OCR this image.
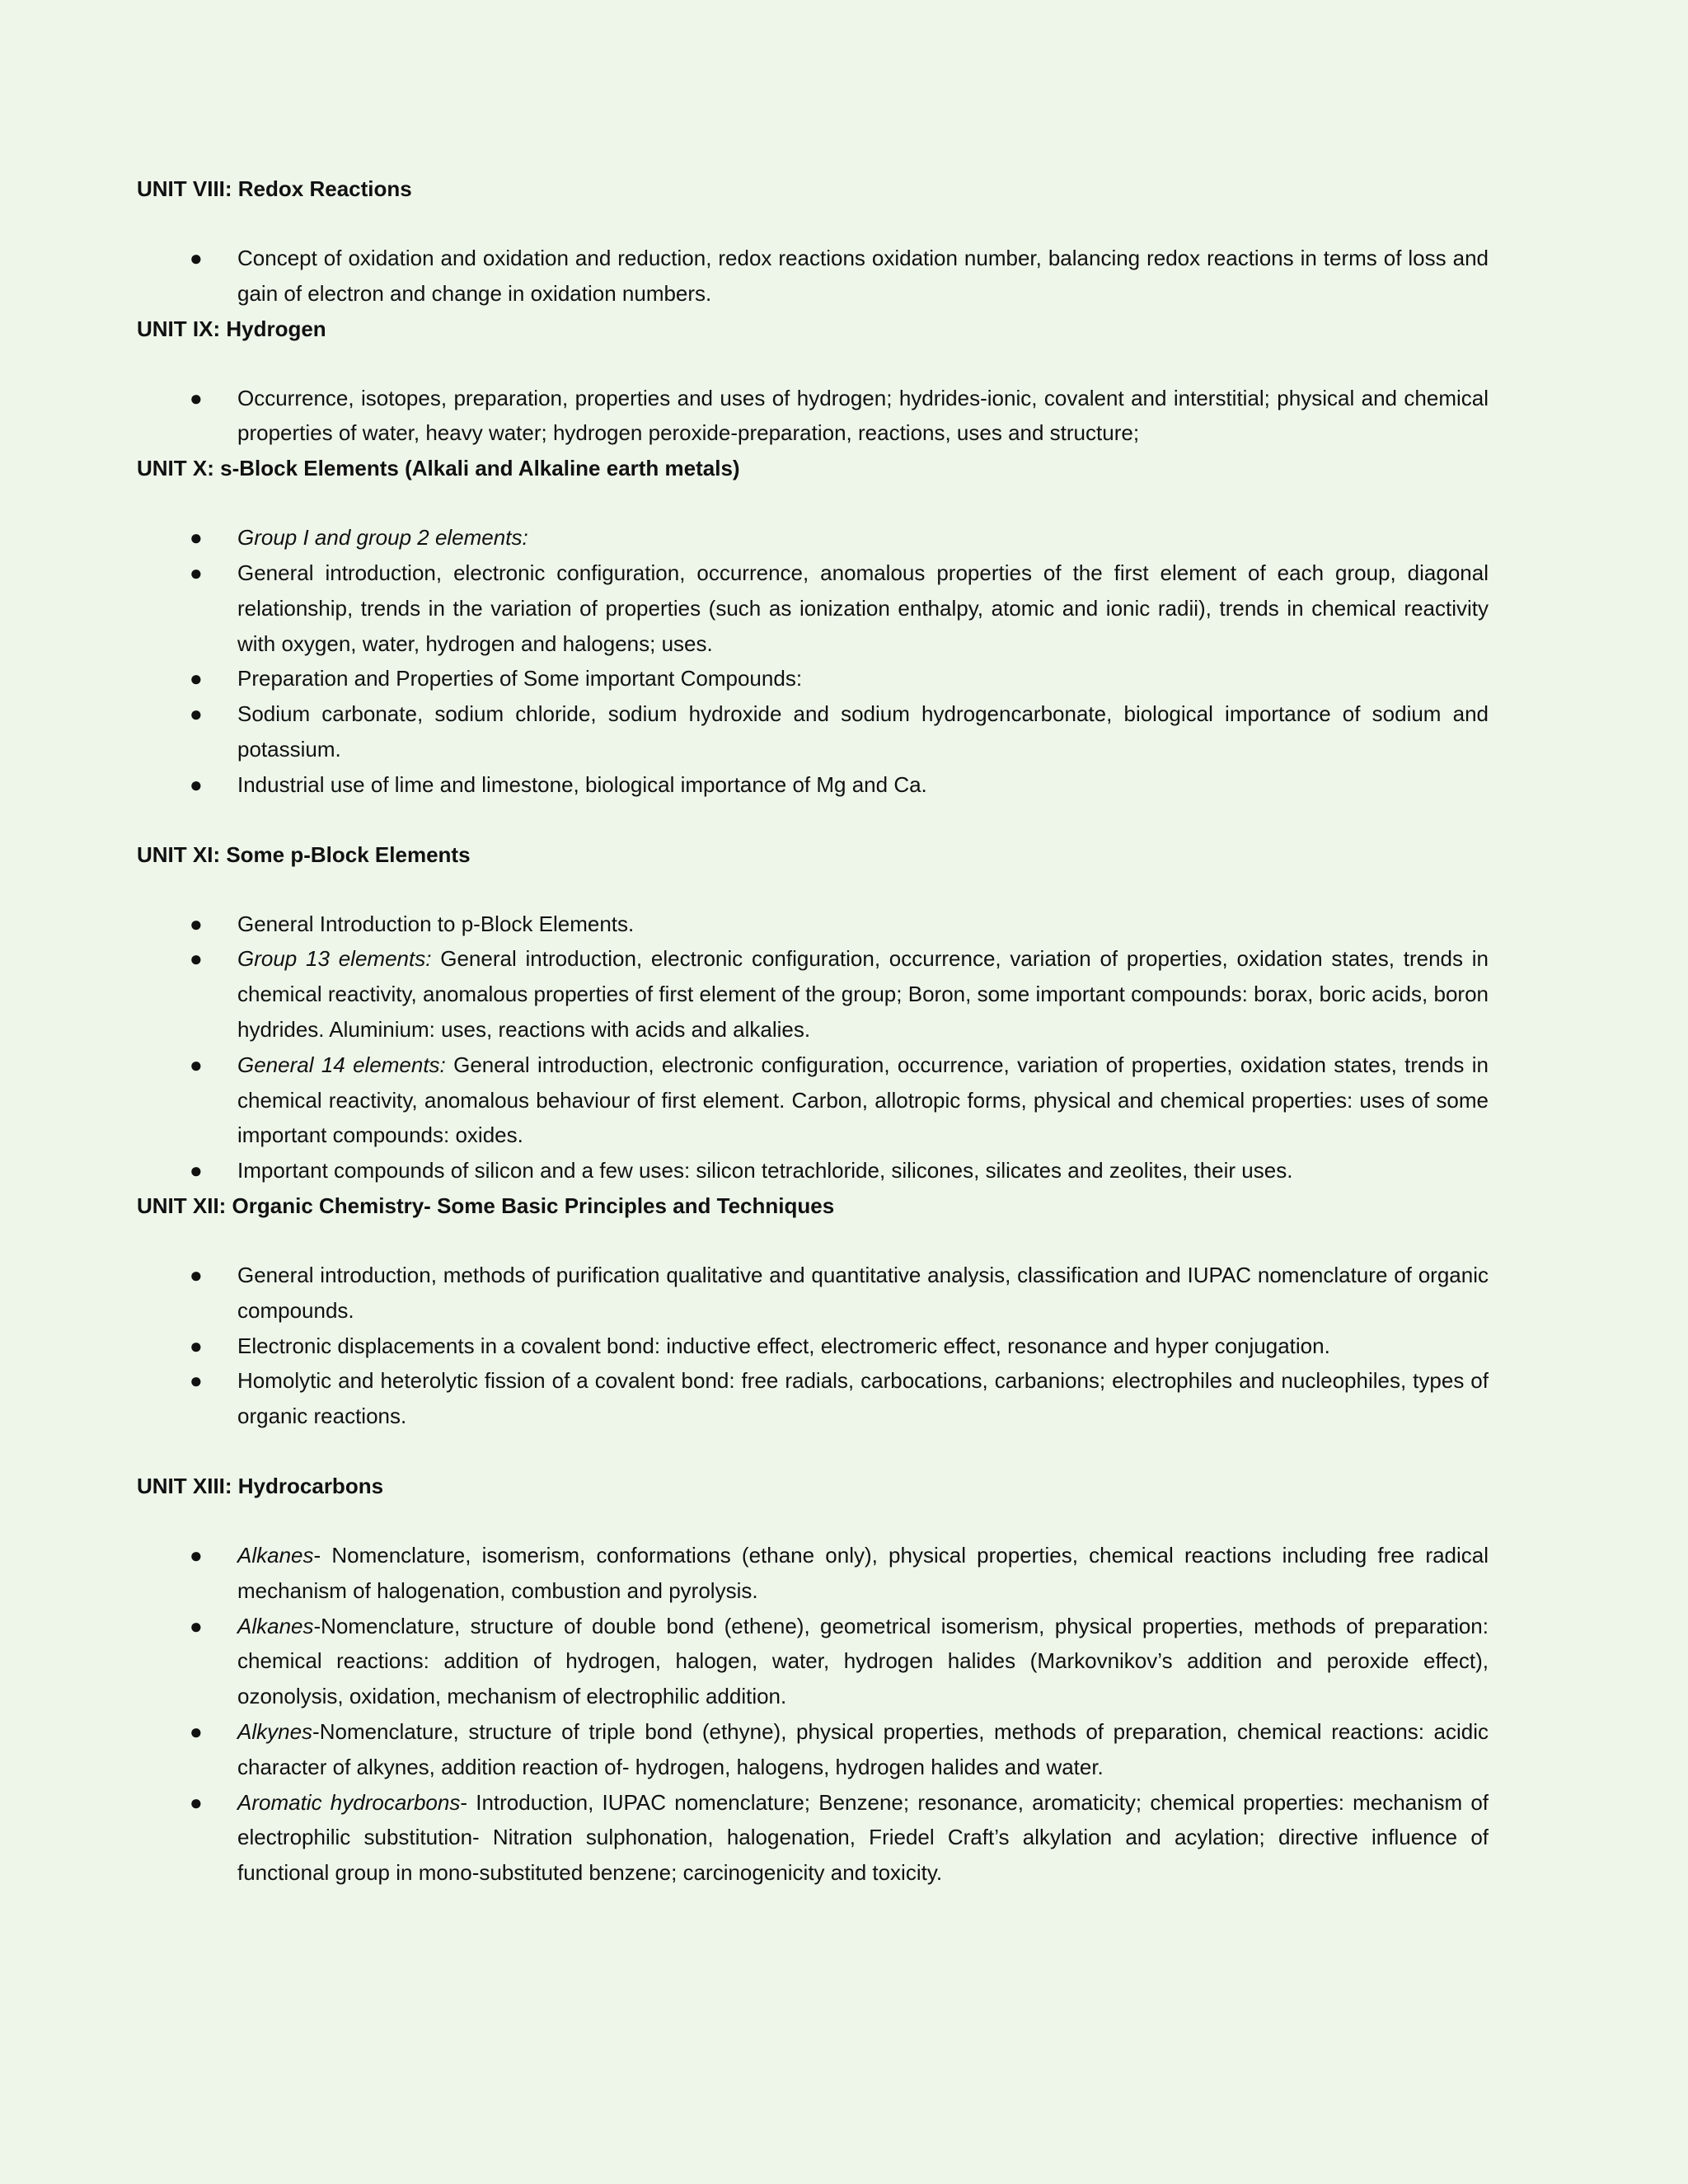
UNIT VIII: Redox Reactions
● Concept of oxidation and oxidation and reduction, redox reactions oxidation number, balancing redox reactions in terms of loss and gain of electron and change in oxidation numbers.
UNIT IX: Hydrogen
● Occurrence, isotopes, preparation, properties and uses of hydrogen; hydrides-ionic, covalent and interstitial; physical and chemical properties of water, heavy water; hydrogen peroxide-preparation, reactions, uses and structure;
UNIT X: s-Block Elements (Alkali and Alkaline earth metals)
● Group I and group 2 elements:
● General introduction, electronic configuration, occurrence, anomalous properties of the first element of each group, diagonal relationship, trends in the variation of properties (such as ionization enthalpy, atomic and ionic radii), trends in chemical reactivity with oxygen, water, hydrogen and halogens; uses.
● Preparation and Properties of Some important Compounds:
● Sodium carbonate, sodium chloride, sodium hydroxide and sodium hydrogencarbonate, biological importance of sodium and potassium.
● Industrial use of lime and limestone, biological importance of Mg and Ca.
UNIT XI: Some p-Block Elements
● General Introduction to p-Block Elements.
● Group 13 elements: General introduction, electronic configuration, occurrence, variation of properties, oxidation states, trends in chemical reactivity, anomalous properties of first element of the group; Boron, some important compounds: borax, boric acids, boron hydrides. Aluminium: uses, reactions with acids and alkalies.
● General 14 elements: General introduction, electronic configuration, occurrence, variation of properties, oxidation states, trends in chemical reactivity, anomalous behaviour of first element. Carbon, allotropic forms, physical and chemical properties: uses of some important compounds: oxides.
● Important compounds of silicon and a few uses: silicon tetrachloride, silicones, silicates and zeolites, their uses.
UNIT XII: Organic Chemistry- Some Basic Principles and Techniques
● General introduction, methods of purification qualitative and quantitative analysis, classification and IUPAC nomenclature of organic compounds.
● Electronic displacements in a covalent bond: inductive effect, electromeric effect, resonance and hyper conjugation.
● Homolytic and heterolytic fission of a covalent bond: free radials, carbocations, carbanions; electrophiles and nucleophiles, types of organic reactions.
UNIT XIII: Hydrocarbons
● Alkanes- Nomenclature, isomerism, conformations (ethane only), physical properties, chemical reactions including free radical mechanism of halogenation, combustion and pyrolysis.
● Alkanes-Nomenclature, structure of double bond (ethene), geometrical isomerism, physical properties, methods of preparation: chemical reactions: addition of hydrogen, halogen, water, hydrogen halides (Markovnikov’s addition and peroxide effect), ozonolysis, oxidation, mechanism of electrophilic addition.
● Alkynes-Nomenclature, structure of triple bond (ethyne), physical properties, methods of preparation, chemical reactions: acidic character of alkynes, addition reaction of- hydrogen, halogens, hydrogen halides and water.
● Aromatic hydrocarbons- Introduction, IUPAC nomenclature; Benzene; resonance, aromaticity; chemical properties: mechanism of electrophilic substitution- Nitration sulphonation, halogenation, Friedel Craft’s alkylation and acylation; directive influence of functional group in mono-substituted benzene; carcinogenicity and toxicity.
